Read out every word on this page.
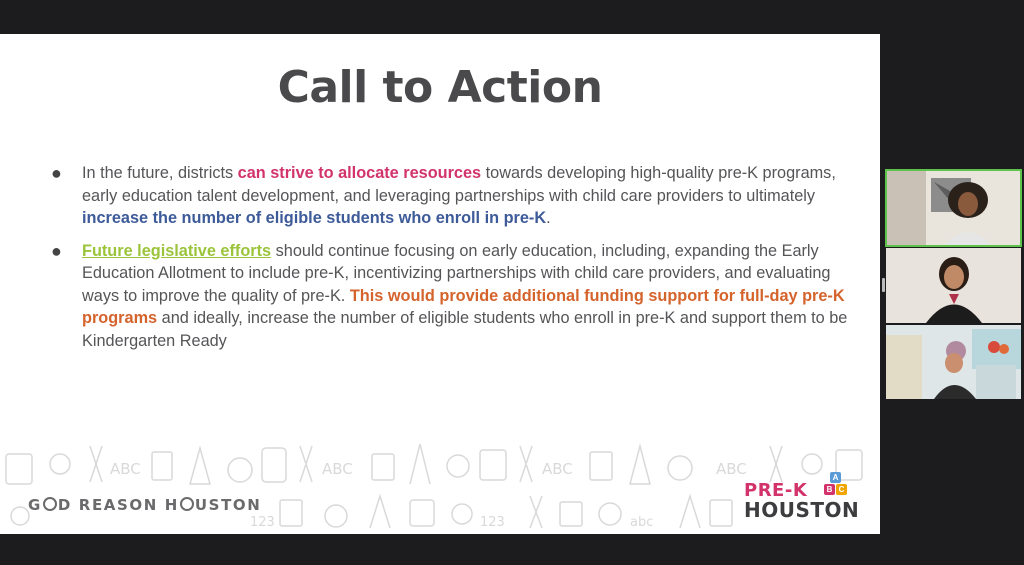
Call to Action
● In the future, districts can strive to allocate resources towards developing high-quality pre-K programs, early education talent development, and leveraging partnerships with child care providers to ultimately increase the number of eligible students who enroll in pre-K.
● Future legislative efforts should continue focusing on early education, including, expanding the Early Education Allotment to include pre-K, incentivizing partnerships with child care providers, and evaluating ways to improve the quality of pre-K. This would provide additional funding support for full-day pre-K programs and ideally, increase the number of eligible students who enroll in pre-K and support them to be Kindergarten Ready
ABC	ABC	ABC	ABC
123	123	abc
G D REASON H USTON
A
B C
PRE-K
HOUSTON
